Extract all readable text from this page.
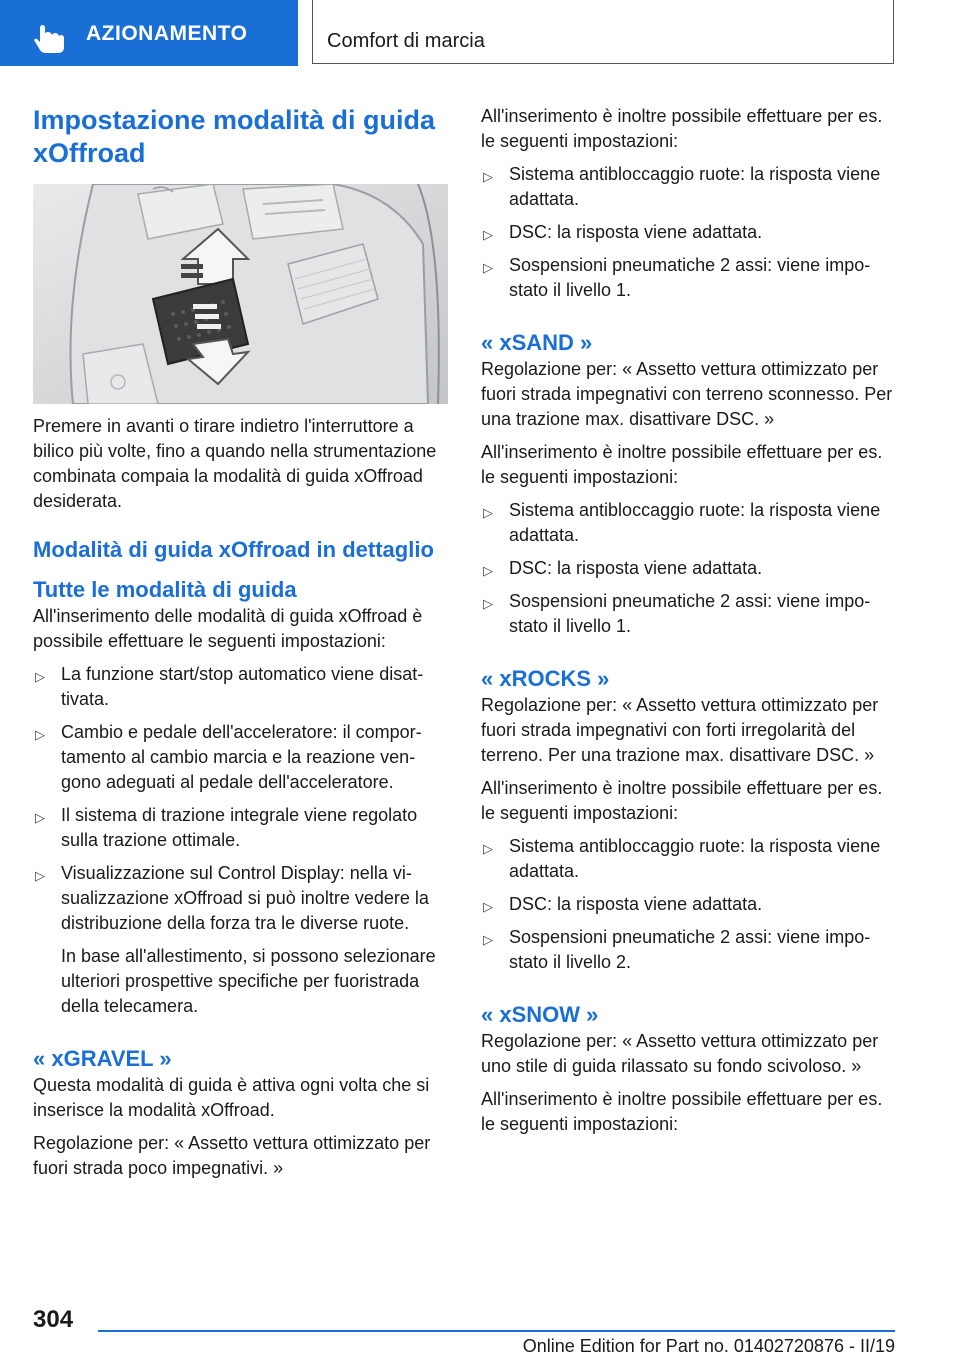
AZIONAMENTO	Comfort di marcia
Impostazione modalità di guida xOffroad

Premere in avanti o tirare indietro l'interruttore a bilico più volte, fino a quando nella strumentazione combinata compaia la modalità di guida xOffroad desiderata.

Modalità di guida xOffroad in dettaglio
Tutte le modalità di guida

All'inserimento delle modalità di guida xOffroad è possibile effettuare le seguenti impostazioni:

▷ La funzione start/stop automatico viene disattivata.
▷ Cambio e pedale dell'acceleratore: il comportamento al cambio marcia e la reazione vengono adeguati al pedale dell'acceleratore.
▷ Il sistema di trazione integrale viene regolato sulla trazione ottimale.
▷ Visualizzazione sul Control Display: nella visualizzazione xOffroad si può inoltre vedere la distribuzione della forza tra le diverse ruote.

In base all'allestimento, si possono selezionare ulteriori prospettive specifiche per fuoristrada della telecamera.

« xGRAVEL »

Questa modalità di guida è attiva ogni volta che si inserisce la modalità xOffroad.

Regolazione per: « Assetto vettura ottimizzato per fuori strada poco impegnativi. »

All'inserimento è inoltre possibile effettuare per es. le seguenti impostazioni:

▷ Sistema antibloccaggio ruote: la risposta viene adattata.
▷ DSC: la risposta viene adattata.
▷ Sospensioni pneumatiche 2 assi: viene impostato il livello 1.
« xSAND »

Regolazione per: « Assetto vettura ottimizzato per fuori strada impegnativi con terreno sconnesso. Per una trazione max. disattivare DSC. »

All'inserimento è inoltre possibile effettuare per es. le seguenti impostazioni:

▷ Sistema antibloccaggio ruote: la risposta viene adattata.
▷ DSC: la risposta viene adattata.
▷ Sospensioni pneumatiche 2 assi: viene impostato il livello 1.
« xROCKS »

Regolazione per: « Assetto vettura ottimizzato per fuori strada impegnativi con forti irregolarità del terreno. Per una trazione max. disattivare DSC. »

All'inserimento è inoltre possibile effettuare per es. le seguenti impostazioni:

▷ Sistema antibloccaggio ruote: la risposta viene adattata.
▷ DSC: la risposta viene adattata.
▷ Sospensioni pneumatiche 2 assi: viene impostato il livello 2.
« xSNOW »

Regolazione per: « Assetto vettura ottimizzato per uno stile di guida rilassato su fondo scivoloso. »

All'inserimento è inoltre possibile effettuare per es. le seguenti impostazioni:

304
Online Edition for Part no. 01402720876 - II/19
